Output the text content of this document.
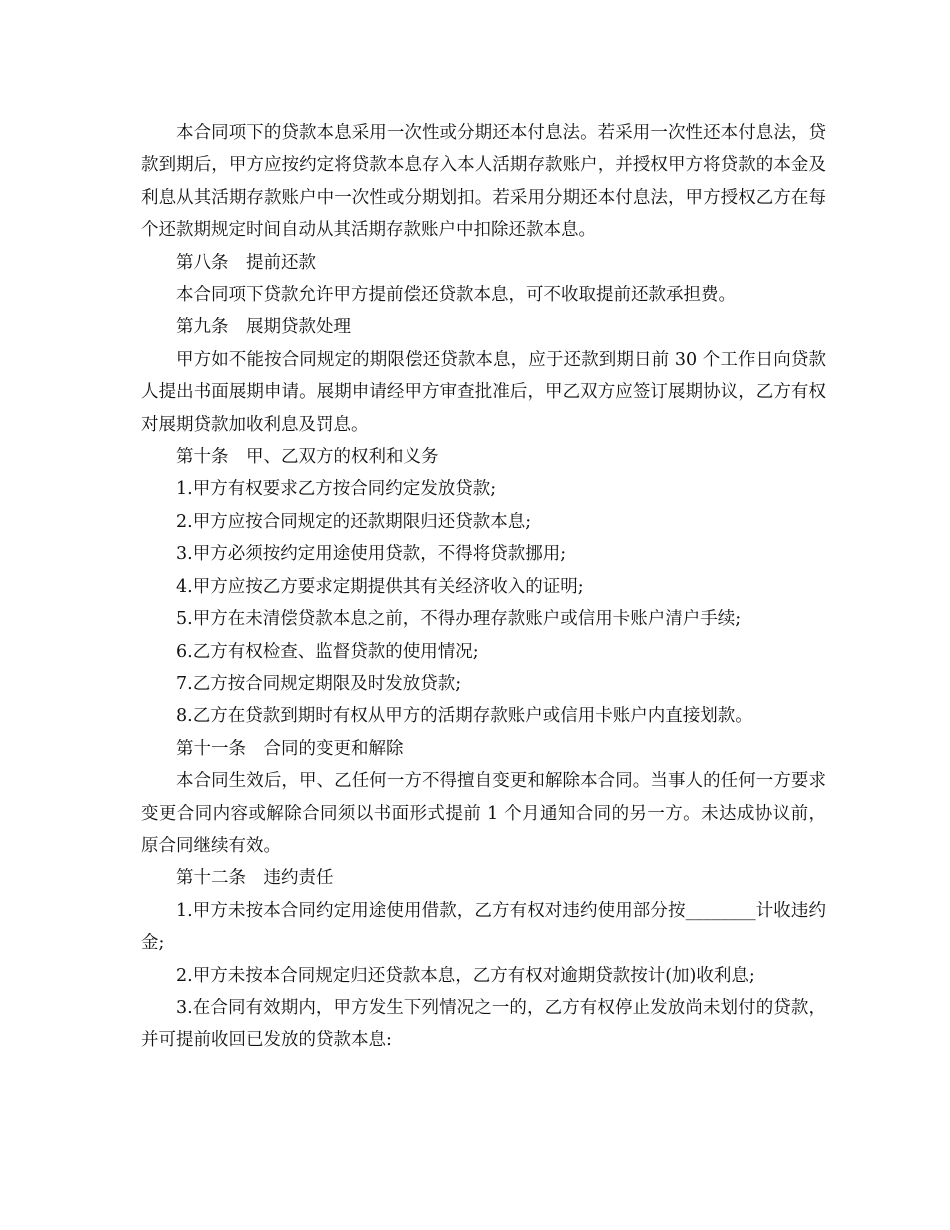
本合同项下的贷款本息采用一次性或分期还本付息法。若采用一次性还本付息法，贷款到期后，甲方应按约定将贷款本息存入本人活期存款账户，并授权甲方将贷款的本金及利息从其活期存款账户中一次性或分期划扣。若采用分期还本付息法，甲方授权乙方在每个还款期规定时间自动从其活期存款账户中扣除还款本息。

第八条　提前还款

本合同项下贷款允许甲方提前偿还贷款本息，可不收取提前还款承担费。

第九条　展期贷款处理

甲方如不能按合同规定的期限偿还贷款本息，应于还款到期日前 30 个工作日向贷款人提出书面展期申请。展期申请经甲方审查批准后，甲乙双方应签订展期协议，乙方有权对展期贷款加收利息及罚息。

第十条　甲、乙双方的权利和义务

1.甲方有权要求乙方按合同约定发放贷款;

2.甲方应按合同规定的还款期限归还贷款本息;

3.甲方必须按约定用途使用贷款，不得将贷款挪用;

4.甲方应按乙方要求定期提供其有关经济收入的证明;

5.甲方在未清偿贷款本息之前，不得办理存款账户或信用卡账户清户手续;

6.乙方有权检查、监督贷款的使用情况;

7.乙方按合同规定期限及时发放贷款;

8.乙方在贷款到期时有权从甲方的活期存款账户或信用卡账户内直接划款。

第十一条　合同的变更和解除

本合同生效后，甲、乙任何一方不得擅自变更和解除本合同。当事人的任何一方要求变更合同内容或解除合同须以书面形式提前 1 个月通知合同的另一方。未达成协议前，原合同继续有效。

第十二条　违约责任

1.甲方未按本合同约定用途使用借款，乙方有权对违约使用部分按________计收违约金;

2.甲方未按本合同规定归还贷款本息，乙方有权对逾期贷款按计(加)收利息;

3.在合同有效期内，甲方发生下列情况之一的，乙方有权停止发放尚未划付的贷款，并可提前收回已发放的贷款本息:
